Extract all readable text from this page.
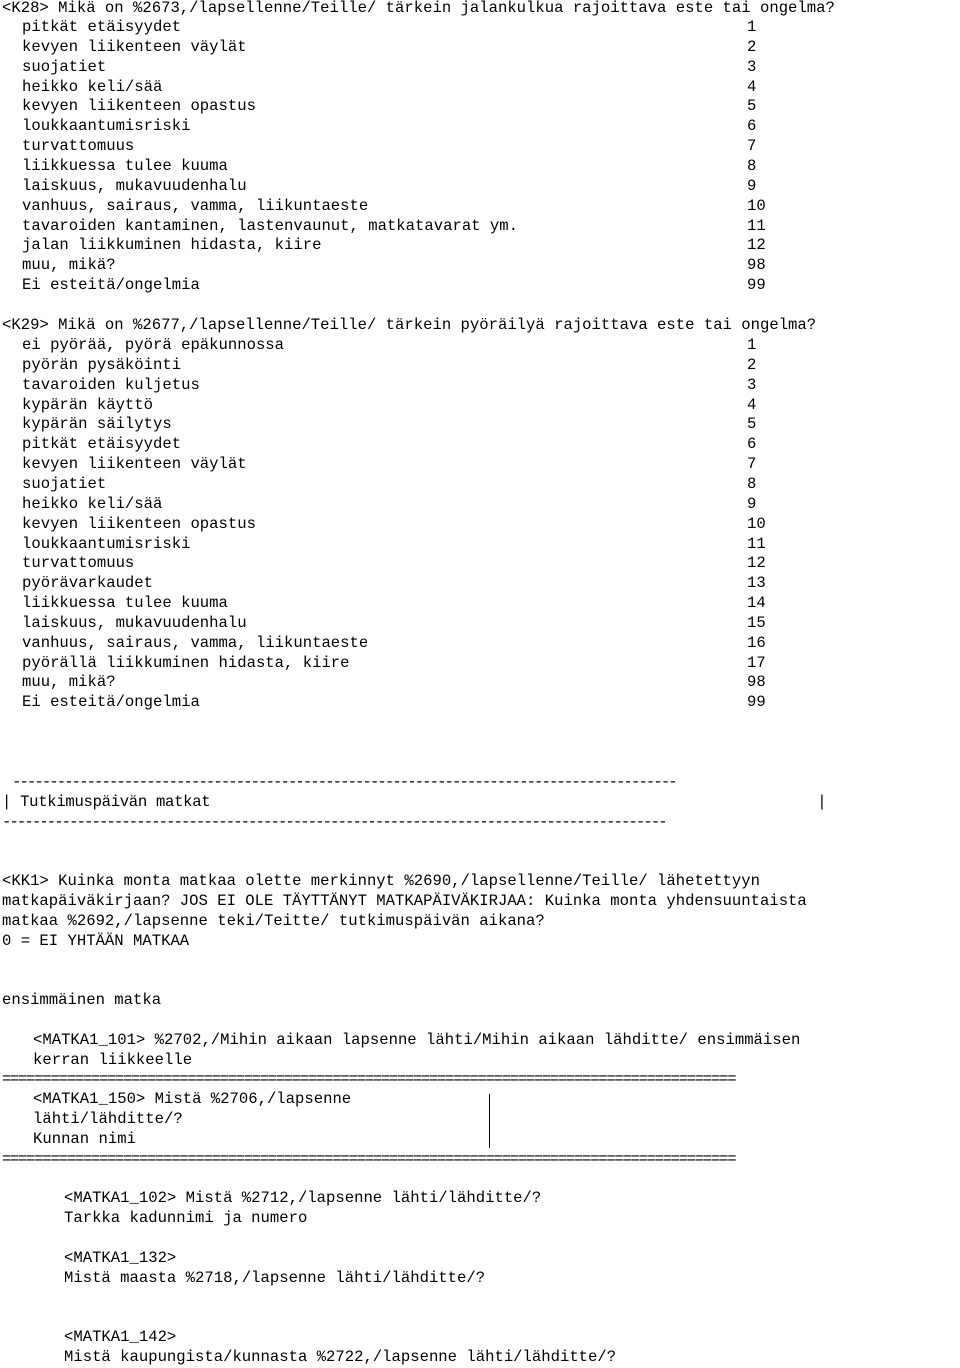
<K28> Mikä on %2673,/lapsellenne/Teille/ tärkein jalankulkua rajoittava este tai ongelma?
pitkät etäisyydet	1
kevyen liikenteen väylät	2
suojatiet	3
heikko keli/sää	4
kevyen liikenteen opastus	5
loukkaantumisriski	6
turvattomuus	7
liikkuessa tulee kuuma	8
laiskuus, mukavuudenhalu	9
vanhuus, sairaus, vamma, liikuntaeste	10
tavaroiden kantaminen, lastenvaunut, matkatavarat ym.	11
jalan liikkuminen hidasta, kiire	12
muu, mikä?	98
Ei esteitä/ongelmia	99
<K29> Mikä on %2677,/lapsellenne/Teille/ tärkein pyöräilyä rajoittava este tai ongelma?
ei pyörää, pyörä epäkunnossa	1
pyörän pysäköinti	2
tavaroiden kuljetus	3
kypärän käyttö	4
kypärän säilytys	5
pitkät etäisyydet	6
kevyen liikenteen väylät	7
suojatiet	8
heikko keli/sää	9
kevyen liikenteen opastus	10
loukkaantumisriski	11
turvattomuus	12
pyörävarkaudet	13
liikkuessa tulee kuuma	14
laiskuus, mukavuudenhalu	15
vanhuus, sairaus, vamma, liikuntaeste	16
pyörällä liikkuminen hidasta, kiire	17
muu, mikä?	98
Ei esteitä/ongelmia	99
-----------------------------------------------------------------------------------------
| Tutkimuspäivän matkat                                                                   |
-----------------------------------------------------------------------------------------
<KK1> Kuinka monta matkaa olette merkinnyt %2690,/lapsellenne/Teille/ lähetettyyn
matkapäiväkirjaan? JOS EI OLE TÄYTTÄNYT MATKAPÄIVÄKIRJAA: Kuinka monta yhdensuuntaista
matkaa %2692,/lapsenne teki/Teitte/ tutkimuspäivän aikana?
0 = EI YHTÄÄN MATKAA
ensimmäinen matka
<MATKA1_101> %2702,/Mihin aikaan lapsenne lähti/Mihin aikaan lähditte/ ensimmäisen
kerran liikkeelle
===========================================================================================
<MATKA1_150> Mistä %2706,/lapsenne
lähti/lähditte/?
Kunnan nimi
===========================================================================================
<MATKA1_102> Mistä %2712,/lapsenne lähti/lähditte/?
Tarkka kadunnimi ja numero
<MATKA1_132>
Mistä maasta %2718,/lapsenne lähti/lähditte/?
<MATKA1_142>
Mistä kaupungista/kunnasta %2722,/lapsenne lähti/lähditte/?
